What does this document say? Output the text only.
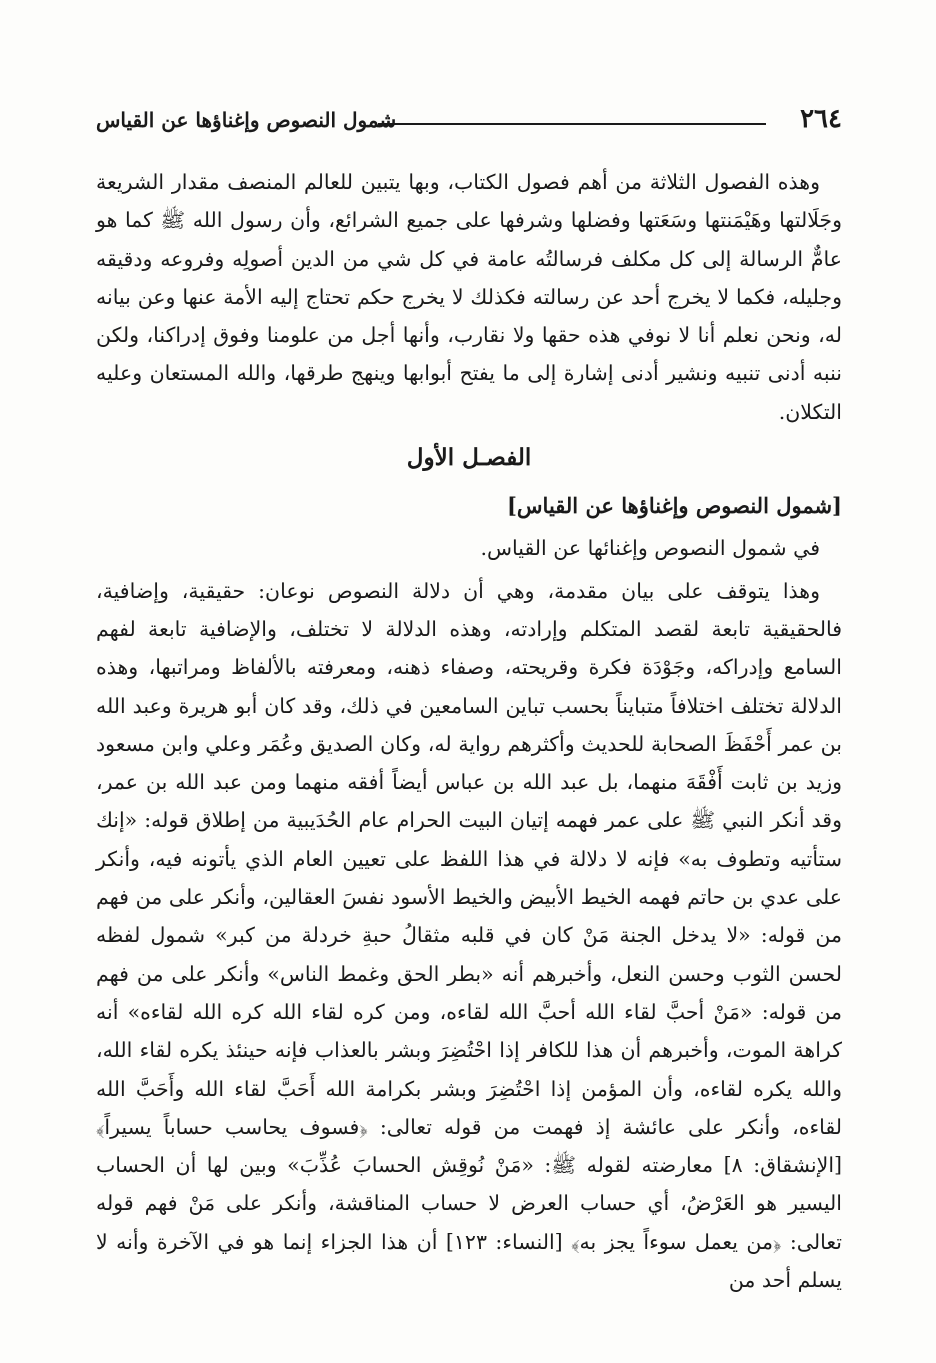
٢٦٤
شمول النصوص وإغناؤها عن القياس

وهذه الفصول الثلاثة من أهم فصول الكتاب، وبها يتبين للعالم المنصف مقدار الشريعة وجَلَالتها وهَيْمَنتها وسَعَتها وفضلها وشرفها على جميع الشرائع، وأن رسول الله ﷺ كما هو عامٌّ الرسالة إلى كل مكلف فرسالتُه عامة في كل شي من الدين أصولِه وفروعه ودقيقه وجليله، فكما لا يخرج أحد عن رسالته فكذلك لا يخرج حكم تحتاج إليه الأمة عنها وعن بيانه له، ونحن نعلم أنا لا نوفي هذه حقها ولا نقارب، وأنها أجل من علومنا وفوق إدراكنا، ولكن ننبه أدنى تنبيه ونشير أدنى إشارة إلى ما يفتح أبوابها وينهج طرقها، والله المستعان وعليه التكلان.

الفصـل الأول

[شمول النصوص وإغناؤها عن القياس]

في شمول النصوص وإغنائها عن القياس.

وهذا يتوقف على بيان مقدمة، وهي أن دلالة النصوص نوعان: حقيقية، وإضافية، فالحقيقية تابعة لقصد المتكلم وإرادته، وهذه الدلالة لا تختلف، والإضافية تابعة لفهم السامع وإدراكه، وجَوْدَة فكرة وقريحته، وصفاء ذهنه، ومعرفته بالألفاظ ومراتبها، وهذه الدلالة تختلف اختلافاً متبايناً بحسب تباين السامعين في ذلك، وقد كان أبو هريرة وعبد الله بن عمر أَحْفَظَ الصحابة للحديث وأكثرهم رواية له، وكان الصديق وعُمَر وعلي وابن مسعود وزيد بن ثابت أَفْقَهَ منهما، بل عبد الله بن عباس أيضاً أفقه منهما ومن عبد الله بن عمر، وقد أنكر النبي ﷺ على عمر فهمه إتيان البيت الحرام عام الحُدَيبية من إطلاق قوله: «إنك ستأتيه وتطوف به» فإنه لا دلالة في هذا اللفظ على تعيين العام الذي يأتونه فيه، وأنكر على عدي بن حاتم فهمه الخيط الأبيض والخيط الأسود نفسَ العقالين، وأنكر على من فهم من قوله: «لا يدخل الجنة مَنْ كان في قلبه مثقالُ حبةِ خردلة من كبر» شمول لفظه لحسن الثوب وحسن النعل، وأخبرهم أنه «بطر الحق وغمط الناس» وأنكر على من فهم من قوله: «مَنْ أحبَّ لقاء الله أحبَّ الله لقاءه، ومن كره لقاء الله كره الله لقاءه» أنه كراهة الموت، وأخبرهم أن هذا للكافر إذا احْتُضِرَ وبشر بالعذاب فإنه حينئذ يكره لقاء الله، والله يكره لقاءه، وأن المؤمن إذا احْتُضِرَ وبشر بكرامة الله أَحَبَّ لقاء الله وأَحَبَّ الله لقاءه، وأنكر على عائشة إذ فهمت من قوله تعالى: ﴿فسوف يحاسب حساباً يسيراً﴾ [الإنشقاق: ٨] معارضته لقوله ﷺ: «مَنْ نُوقِش الحسابَ عُذِّبَ» وبين لها أن الحساب اليسير هو العَرْضُ، أي حساب العرض لا حساب المناقشة، وأنكر على مَنْ فهم قوله تعالى: ﴿من يعمل سوءاً يجز به﴾ [النساء: ١٢٣] أن هذا الجزاء إنما هو في الآخرة وأنه لا يسلم أحد من
